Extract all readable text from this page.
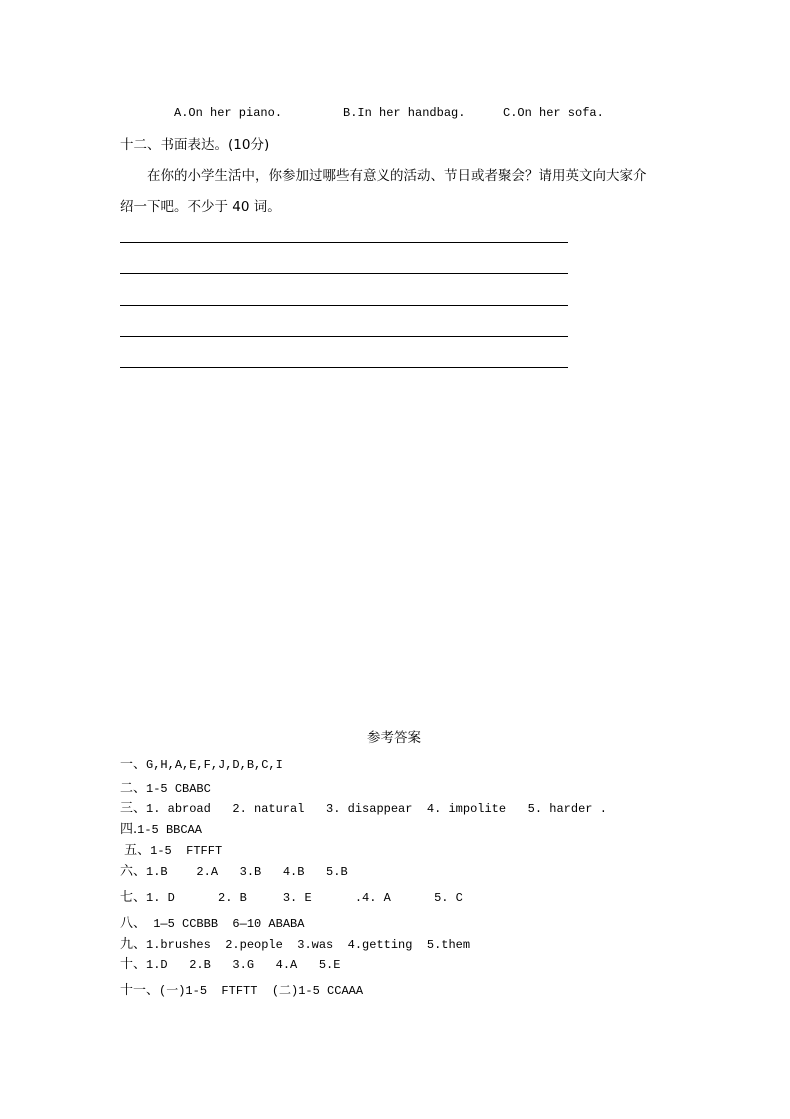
A.On her piano.	B.In her handbag.	C.On her sofa.
十二、书面表达。(10分)
在你的小学生活中，你参加过哪些有意义的活动、节日或者聚会？请用英文向大家介
绍一下吧。不少于 40 词。
参考答案
一、G,H,A,E,F,J,D,B,C,I
二、1-5 CBABC
三、1. abroad   2. natural   3. disappear  4. impolite   5. harder .
四.1-5 BBCAA
五、1-5  FTFFT
六、1.B    2.A   3.B   4.B   5.B
七、1. D      2. B     3. E      .4. A      5. C
八、 1—5 CCBBB  6—10 ABABA
九、1.brushes  2.people  3.was  4.getting  5.them
十、1.D   2.B   3.G   4.A   5.E
十一、(一)1-5  FTFTT  (二)1-5 CCAAA
